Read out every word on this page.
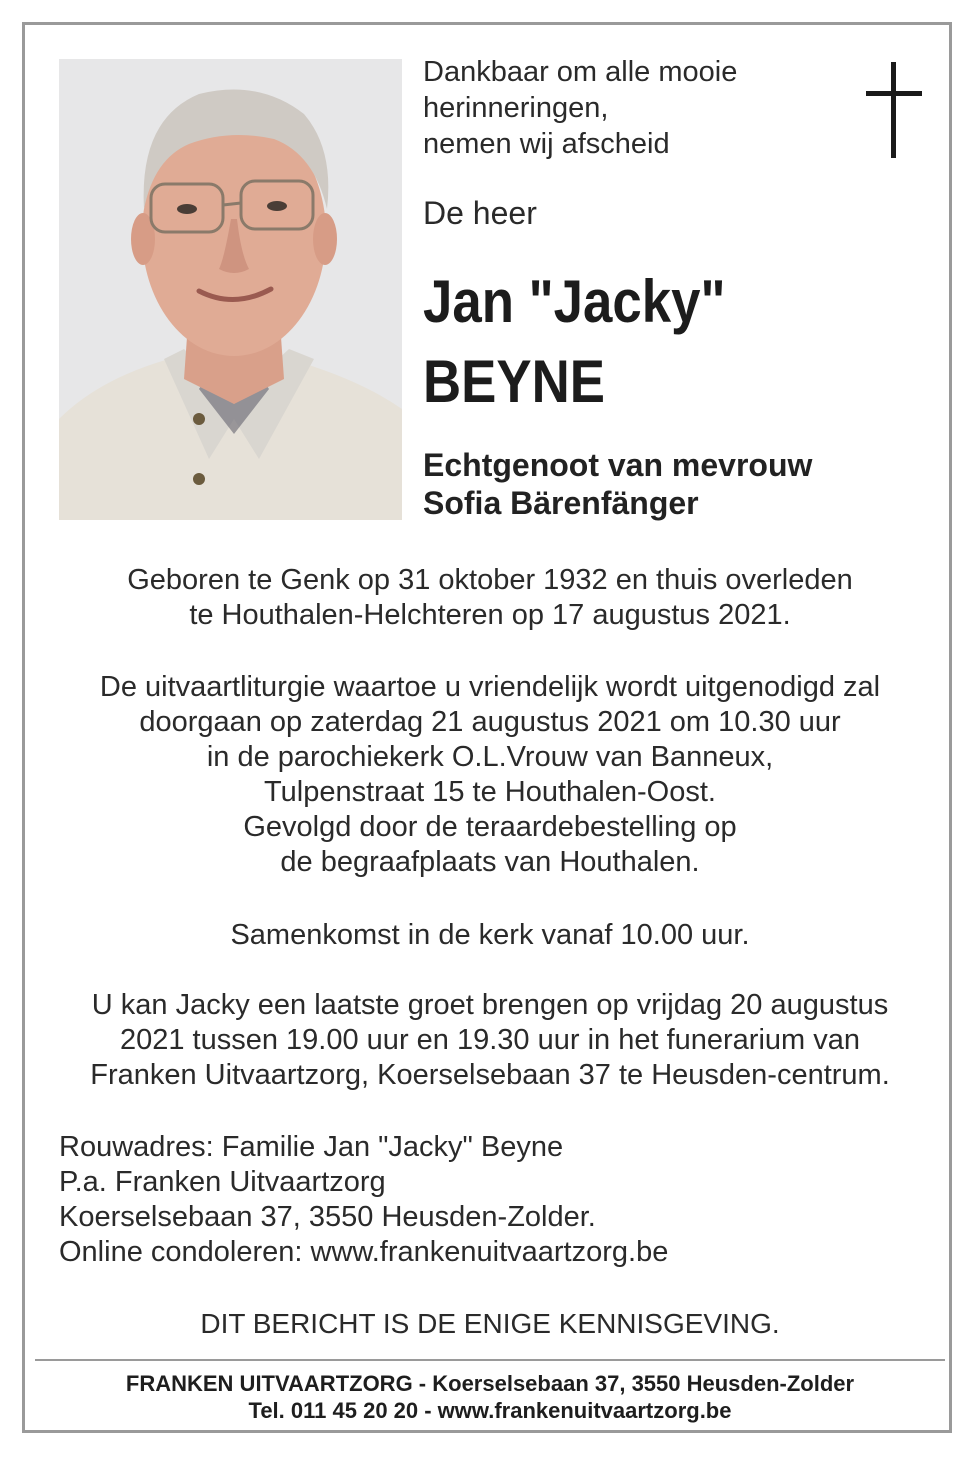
Dankbaar om alle mooie
herinneringen,
nemen wij afscheid
De heer
Jan "Jacky"
BEYNE
Echtgenoot van mevrouw
Sofia Bärenfänger
Geboren te Genk op 31 oktober 1932 en thuis overleden
te Houthalen-Helchteren op 17 augustus 2021.
De uitvaartliturgie waartoe u vriendelijk wordt uitgenodigd zal
doorgaan op zaterdag 21 augustus 2021 om 10.30 uur
in de parochiekerk O.L.Vrouw van Banneux,
Tulpenstraat 15 te Houthalen-Oost.
Gevolgd door de teraardebestelling op
de begraafplaats van Houthalen.
Samenkomst in de kerk vanaf 10.00 uur.
U kan Jacky een laatste groet brengen op vrijdag 20 augustus
2021 tussen 19.00 uur en 19.30 uur in het funerarium van
Franken Uitvaartzorg, Koerselsebaan 37 te Heusden-centrum.
Rouwadres: Familie Jan "Jacky" Beyne
P.a. Franken Uitvaartzorg
Koerselsebaan 37, 3550 Heusden-Zolder.
Online condoleren: www.frankenuitvaartzorg.be
DIT BERICHT IS DE ENIGE KENNISGEVING.
FRANKEN UITVAARTZORG - Koerselsebaan 37, 3550 Heusden-Zolder
Tel. 011 45 20 20 - www.frankenuitvaartzorg.be
